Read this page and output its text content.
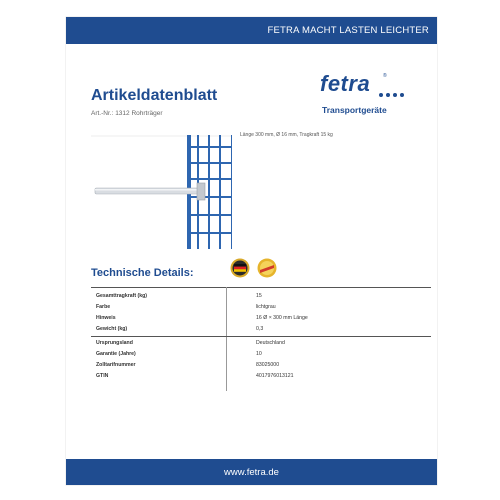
FETRA MACHT LASTEN LEICHTER
Artikeldatenblatt
Art.-Nr.: 1312 Rohrträger
fetra	®
Transportgeräte
Länge 300 mm, Ø 16 mm, Tragkraft 15 kg
Technische Details:
Gesamttragkraft (kg)	15
Farbe	lichtgrau
Hinweis	16 Ø × 300 mm Länge
Gewicht (kg)	0,3
Ursprungsland	Deutschland
Garantie (Jahre)	10
Zolltarifnummer	83025000
GTIN	4017976013121
www.fetra.de
